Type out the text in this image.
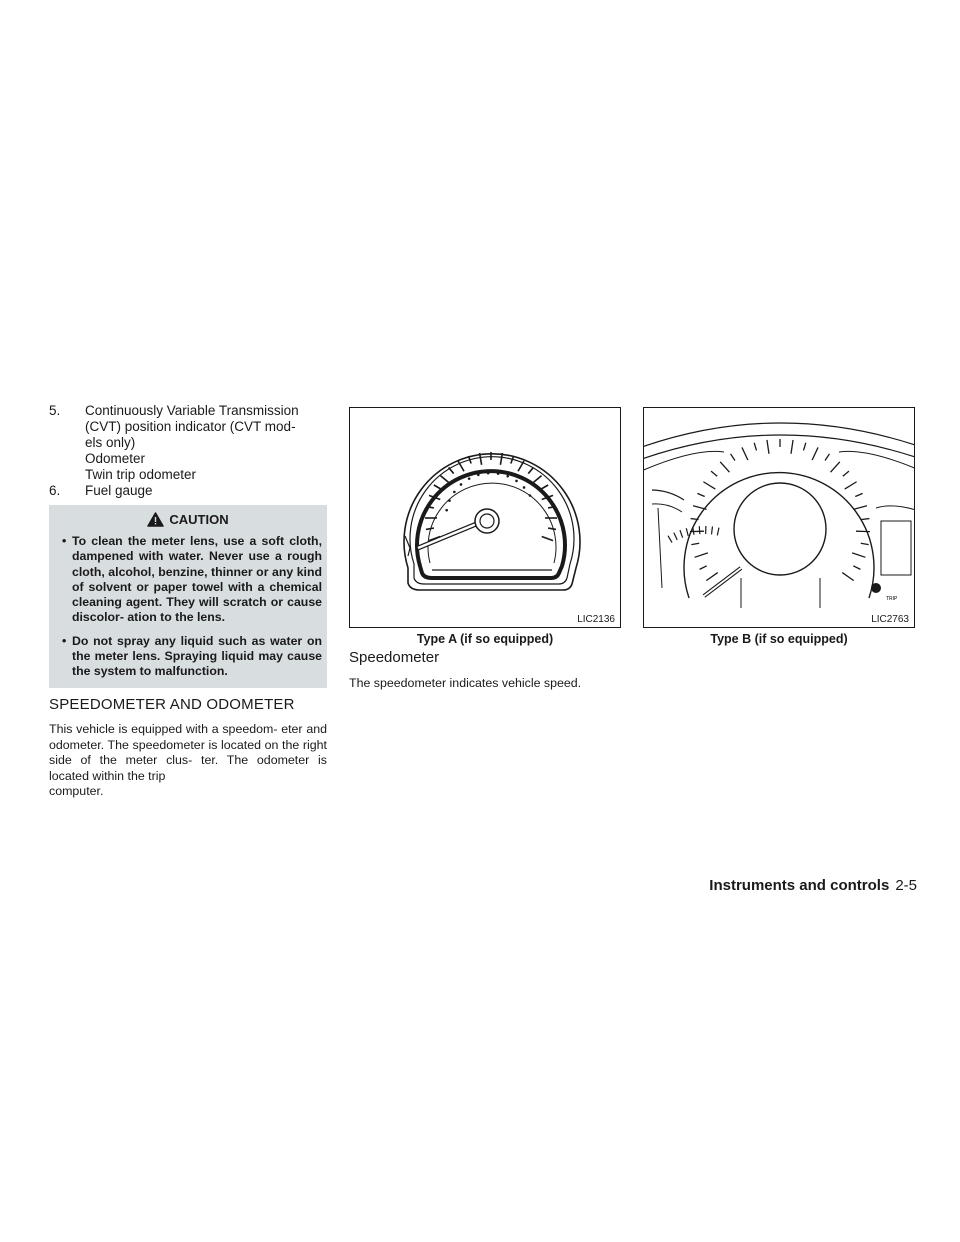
5. Continuously Variable Transmission
(CVT) position indicator (CVT mod-
els only)
Odometer
Twin trip odometer
6. Fuel gauge
CAUTION
• To clean the meter lens, use a soft cloth, dampened with water. Never use a rough cloth, alcohol, benzine, thinner or any kind of solvent or paper towel with a chemical cleaning agent. They will scratch or cause discolor- ation to the lens.
• Do not spray any liquid such as water on the meter lens. Spraying liquid may cause the system to malfunction.
SPEEDOMETER AND ODOMETER
This vehicle is equipped with a speedom- eter and odometer. The speedometer is located on the right side of the meter clus- ter. The odometer is located within the trip
computer.
LIC2136
Type A (if so equipped)
TRIP
LIC2763
Type B (if so equipped)
Speedometer
The speedometer indicates vehicle speed.
Instruments and controls 2-5
